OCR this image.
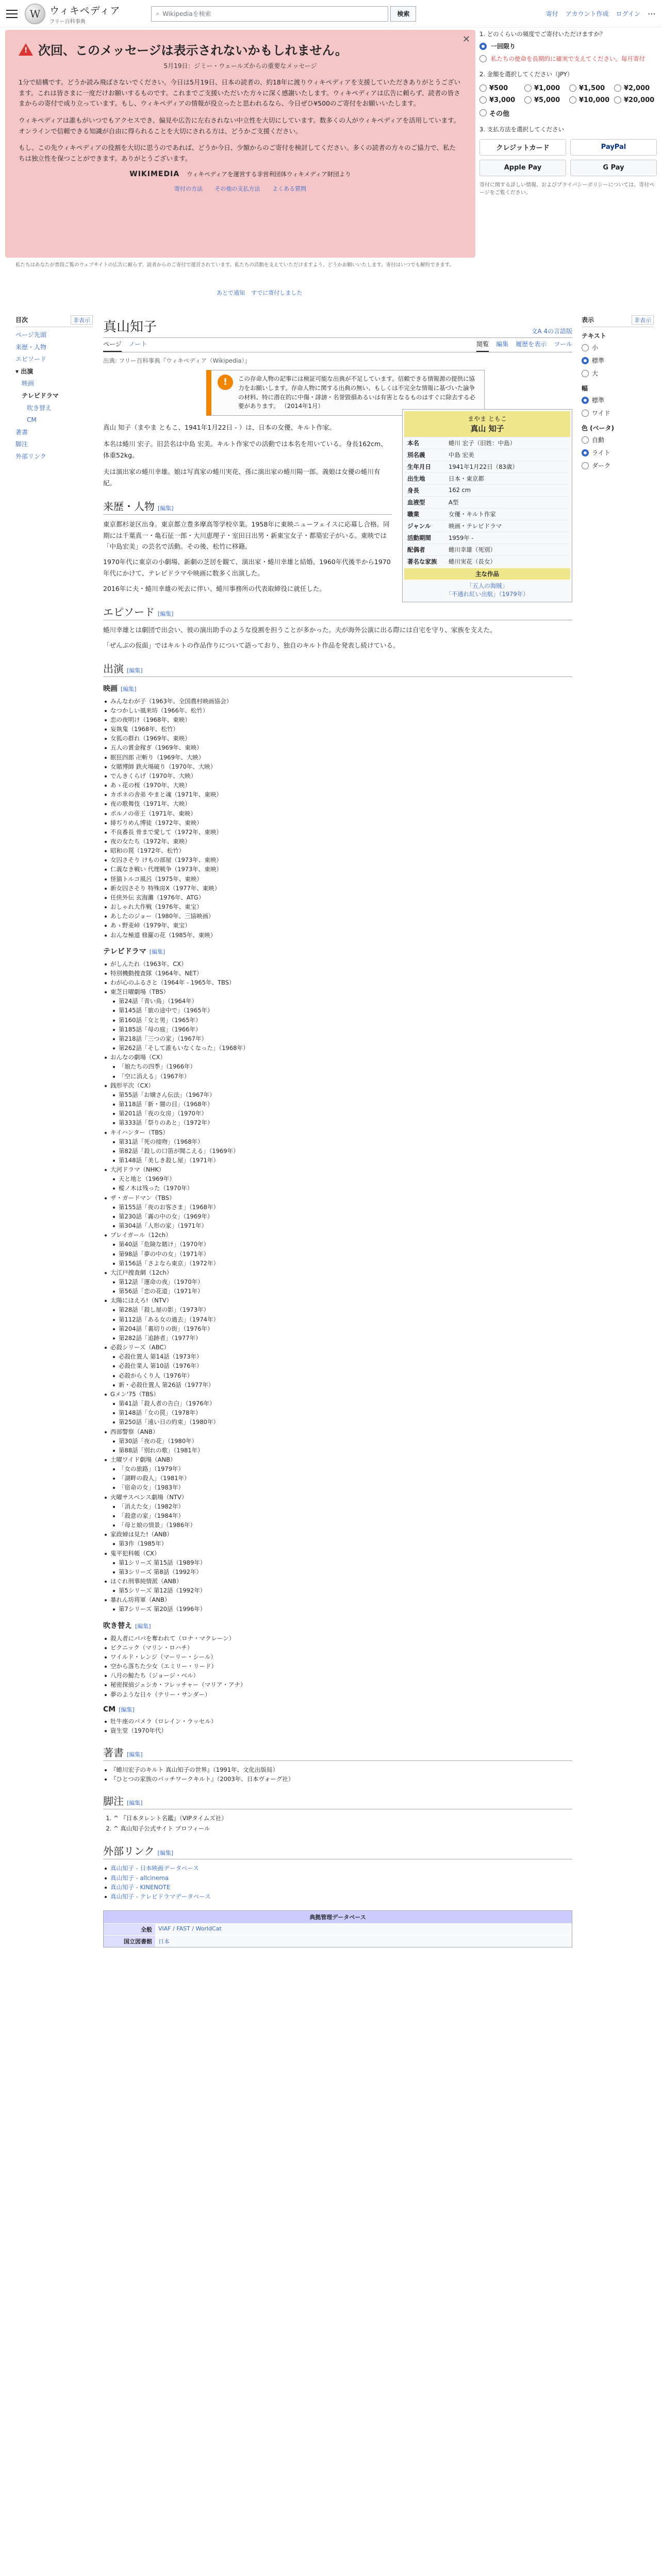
W ウィキペディア
フリー百科事典
⌕ Wikipediaを検索	検索	寄付 アカウント作成 ログイン ⋯
✕
! 次回、このメッセージは表示されないかもしれません。
5月19日：ジミー・ウェールズからの重要なメッセージ

1分で結構です。どうか読み飛ばさないでください。今日は5月19日、日本の読者の、約18年に渡りウィキペディアを支援していただきありがとうございます。これは皆さまに一度だけお願いするものです。これまでご支援いただいた方々に深く感謝いたします。ウィキペディアは広告に頼らず、読者の皆さまからの寄付で成り立っています。もし、ウィキペディアの情報が役立ったと思われるなら、今日ぜひ¥500のご寄付をお願いいたします。

ウィキペディアは誰もがいつでもアクセスでき、偏見や広告に左右されない中立性を大切にしています。数多くの人がウィキペディアを活用しています。オンラインで信頼できる知識が自由に得られることを大切にされる方は、どうかご支援ください。

もし、この先ウィキペディアの役割を大切に思うのであれば、どうか今日、少額からのご寄付を検討してください。多くの読者の方々のご協力で、私たちは独立性を保つことができます。ありがとうございます。

WIKIMEDIA ウィキペディアを運営する非営利団体ウィキメディア財団より
寄付の方法 その他の支払方法 よくある質問
1. どのくらいの頻度でご寄付いただけますか？
一回限り
私たちの使命を長期的に確実で支えてください。毎月寄付
2. 金額を選択してください（JPY）
¥500	¥1,000	¥1,500	¥2,000
¥3,000	¥5,000	¥10,000 ¥20,000
その他
3. 支払方法を選択してください
クレジットカード	PayPal
Apple Pay	G Pay
寄付に関する詳しい情報、およびプライバシーポリシーについては、寄付ページをご覧ください。
私たちはあなたが普段ご覧のウェブサイトの広告に頼らず、読者からのご寄付で運営されています。私たちの活動を支えていただけますよう、どうかお願いいたします。寄付はいつでも解約できます。
あとで通知 すでに寄付しました
目次	非表示
ページ先頭
来歴・人物
エピソード
▾ 出演
映画
テレビドラマ
吹き替え
CM
著書
脚注
外部リンク
表示	非表示
テキスト
小
標準
大
幅
標準
ワイド
色 (ベータ)
自動
ライト
ダーク
真山知子	文A 4の言語版
ページ ノート	閲覧 編集 履歴を表示 ツール
出典: フリー百科事典『ウィキペディア（Wikipedia）』
!	この存命人物の記事には検証可能な出典が不足しています。信頼できる情報源の提供に協力をお願いします。存命人物に関する出典の無い、もしくは不完全な情報に基づいた論争の材料、特に潜在的に中傷・誹謗・名誉毀損あるいは有害となるものはすぐに除去する必要があります。 （2014年1月）

真山 知子（まやま ともこ、1941年1月22日 - ）は、日本の女優、キルト作家。

本名は蜷川 宏子。旧芸名は中島 宏美。キルト作家での活動では本名を用いている。身長162cm、体重52kg。

夫は演出家の蜷川幸雄。娘は写真家の蜷川実花、孫に演出家の蜷川陽一郎。義娘は女優の蜷川有紀。

まやま ともこ
真山 知子
本名	蜷川 宏子（旧姓：中島）
別名義	中島 宏美
生年月日	1941年1月22日（83歳）
出生地	日本・東京都
身長	162 cm
血液型	A型
職業	女優・キルト作家
ジャンル	映画・テレビドラマ
活動期間	1959年 -
配偶者	蜷川幸雄（死別）
著名な家族	蜷川実花（長女）
主な作品
「五人の海賊」
「不通れ紅い出航」（1979年）
来歴・人物 [編集]

東京都杉並区出身。東京都立豊多摩高等学校卒業。1958年に東映ニューフェイスに応募し合格。同期には千葉真一・亀石征一郎・大川恵理子・室田日出男・新東宝女子・都築宏子がいる。東映では「中島宏美」の芸名で活動。その後、松竹に移籍。

1970年代に東京の小劇場、新劇の芝居を観て、演出家・蜷川幸雄と結婚。1960年代後半から1970年代にかけて、テレビドラマや映画に数多く出演した。

2016年に夫・蜷川幸雄の死去に伴い、蜷川事務所の代表取締役に就任した。

エピソード [編集]

蜷川幸雄とは劇団で出会い、彼の演出助手のような役割を担うことが多かった。夫が海外公演に出る際には自宅を守り、家族を支えた。

「ぜんぶの仮面」ではキルトの作品作りについて語っており、独自のキルト作品を発表し続けている。

出演 [編集]
映画 [編集]
みんなわが子（1963年、全国農村映画協会）
なつかしい風来坊（1966年、松竹）
恋の夜明け（1968年、東映）
妄執鬼（1968年、松竹）
女狐の群れ（1969年、東映）
五人の賞金稼ぎ（1969年、東映）
眠狂四郎 卍斬り（1969年、大映）
女賭博師 鉄火場破り（1970年、大映）
でんきくらげ（1970年、大映）
あゝ花の桜（1970年、大映）
カポネの舎弟 やまと魂（1971年、東映）
夜の歌舞伎（1971年、大映）
ポルノの帝王（1971年、東映）
緋ぢりめん博徒（1972年、東映）
不良番長 骨まで愛して（1972年、東映）
夜の女たち（1972年、東映）
昭和の罠（1972年、松竹）
女囚さそり けもの部屋（1973年、東映）
仁義なき戦い 代理戦争（1973年、東映）
怪猫トルコ風呂（1975年、東映）
新女囚さそり 特殊房X（1977年、東映）
任侠外伝 玄海灘（1976年、ATG）
おしゃれ大作戦（1976年、東宝）
あしたのジョー（1980年、三協映画）
あゝ野麦峠（1979年、東宝）
おんな極道 修羅の花（1985年、東映）
テレビドラマ [編集]
がしんたれ（1963年、CX）
特別機動捜査隊（1964年、NET）
わが心のふるさと（1964年 - 1965年、TBS）
東芝日曜劇場（TBS）
第24話「青い鳥」（1964年）
第145話「旅の途中で」（1965年）
第160話「女と男」（1965年）
第185話「母の庭」（1966年）
第218話「三つの家」（1967年）
第262話「そして誰もいなくなった」（1968年）
おんなの劇場（CX）
「娘たちの四季」（1966年）
「空に消える」（1967年）
銭形平次（CX）
第55話「お嬢さん伝法」（1967年）
第118話「新・闇の目」（1968年）
第201話「夜の女房」（1970年）
第333話「祭りのあと」（1972年）
キイハンター（TBS）
第31話「死の接吻」（1968年）
第82話「殺しの口笛が聞こえる」（1969年）
第148話「美しき殺し屋」（1971年）
大河ドラマ（NHK）
天と地と（1969年）
樅ノ木は残った（1970年）
ザ・ガードマン（TBS）
第155話「夜のお客さま」（1968年）
第230話「霧の中の女」（1969年）
第304話「人形の家」（1971年）
プレイガール（12ch）
第40話「危険な賭け」（1970年）
第98話「夢の中の女」（1971年）
第156話「さよなら東京」（1972年）
大江戸捜査網（12ch）
第12話「運命の夜」（1970年）
第56話「恋の花道」（1971年）
太陽にほえろ!（NTV）
第28話「殺し屋の影」（1973年）
第112話「ある女の過去」（1974年）
第204話「裏切りの街」（1976年）
第282話「追跡者」（1977年）
必殺シリーズ（ABC）
必殺仕置人 第14話（1973年）
必殺仕業人 第10話（1976年）
必殺からくり人（1976年）
新・必殺仕置人 第26話（1977年）
Gメン'75（TBS）
第41話「殺人者の告白」（1976年）
第148話「女の罠」（1978年）
第250話「遠い日の約束」（1980年）
西部警察（ANB）
第30話「夜の花」（1980年）
第88話「別れの歌」（1981年）
土曜ワイド劇場（ANB）
「女の旅路」（1979年）
「湖畔の殺人」（1981年）
「宿命の女」（1983年）
火曜サスペンス劇場（NTV）
「消えた女」（1982年）
「殺意の家」（1984年）
「母と娘の情景」（1986年）
家政婦は見た!（ANB）
第3作（1985年）
鬼平犯科帳（CX）
第1シリーズ 第15話（1989年）
第3シリーズ 第8話（1992年）
はぐれ刑事純情派（ANB）
第5シリーズ 第12話（1992年）
暴れん坊将軍（ANB）
第7シリーズ 第20話（1996年）
吹き替え [編集]
殺人者にパパを奪われて（ロナ・マクレーン）
ビクニック（マリン・ロハチ）
ワイルド・レンジ（マーリー・シール）
空から落ちた少女（エミリー・リード）
八月の鯨たち（ジョージ・ベル）
秘密探偵ジェシカ・フレッチャー（マリア・アナ）
夢のような日々（テリー・サンダー）
CM [編集]
牡牛座のパメラ（ロレイン・ラッセル）
資生堂（1970年代）
著書 [編集]
『蜷川宏子のキルト 真山知子の世界』（1991年、文化出版局）
『ひとつの家族のパッチワークキルト』（2003年、日本ヴォーグ社）
脚注 [編集]
1. ^ 『日本タレント名鑑』（VIPタイムズ社）
2. ^ 真山知子公式サイト プロフィール
外部リンク [編集]
真山知子 - 日本映画データベース
真山知子 - allcinema
真山知子 - KINENOTE
真山知子 - テレビドラマデータベース
典拠管理データベース
全般	VIAF / FAST / WorldCat
国立図書館	日本
